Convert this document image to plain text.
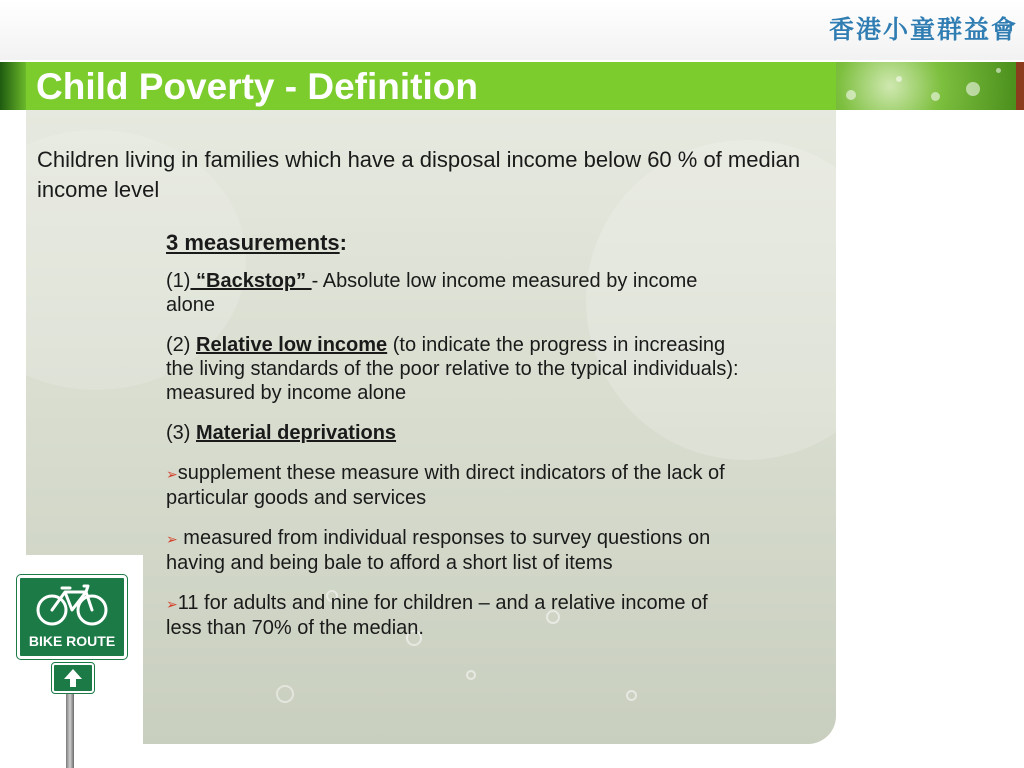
香港小童群益會
Child Poverty - Definition
Children living in families which have a disposal income below 60 % of median income level

3 measurements:

(1) “Backstop” - Absolute low income measured by income alone

(2) Relative low income (to indicate the progress in increasing the living standards of the poor relative to the typical individuals): measured by income alone

(3) Material deprivations

➢supplement these measure with direct indicators of the lack of particular goods and services

➢ measured from individual responses to survey questions on having and being bale to afford a short list of items

➢11 for adults and nine for children – and a relative income of less than 70% of the median.

BIKE ROUTE
